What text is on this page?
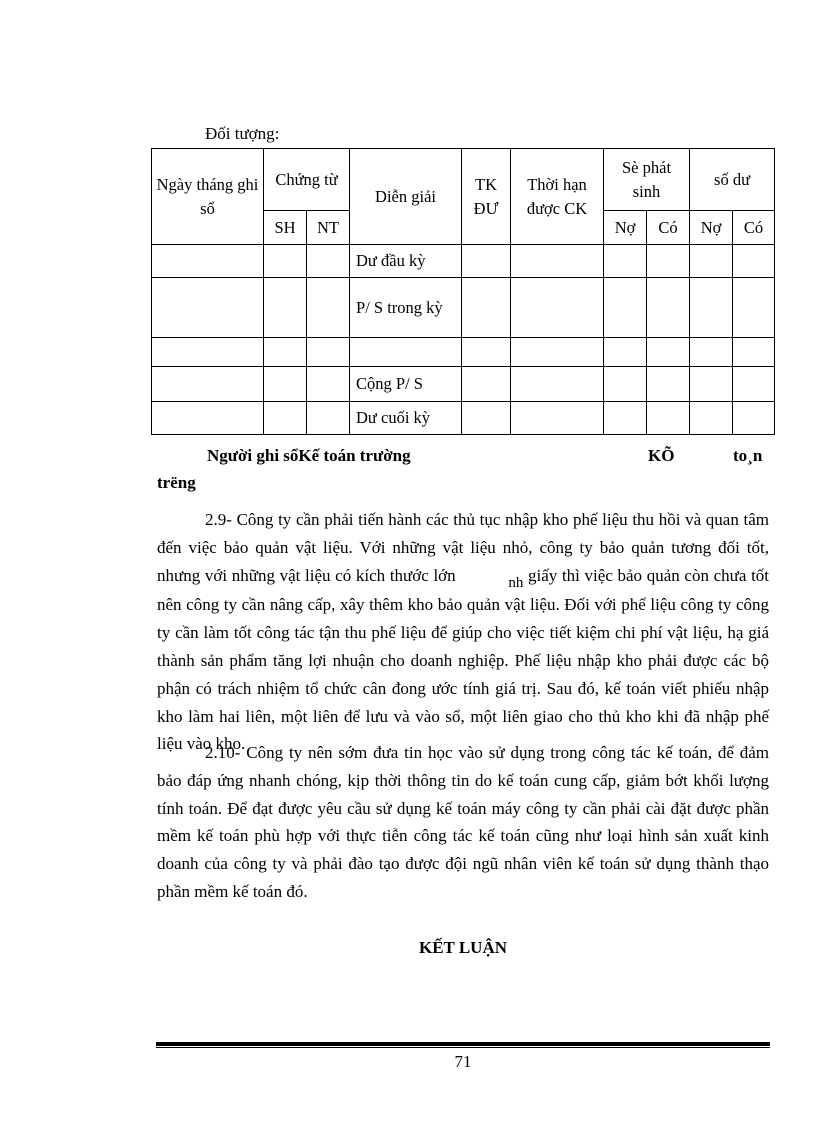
Đối tượng:
Ngày tháng ghi sổ	Chứng từ		Diễn giải	TK ĐƯ	Thời hạn được CK	Sè phát sinh		số dư	
	SH	NT				Nợ	Có	Nợ	Có
			Dư đầu kỳ						
			P/ S trong kỳ						

			Cộng P/ S						
			Dư cuối kỳ						
Người ghi sổKế toán trường	KÕ	to¸n
trëng

2.9- Công ty cần phải tiến hành các thủ tục nhập kho phế liệu thu hồi và quan tâm đến việc bảo quản vật liệu. Với những vật liệu nhỏ, công ty bảo quản tương đối tốt, nhưng với những vật liệu có kích thước lớn	nh giấy thì việc bảo quản còn chưa tốt nên công ty cần nâng cấp, xây thêm kho bảo quản vật liệu. Đối với phế liệu công ty công ty cần làm tốt công tác tận thu phế liệu để giúp cho việc tiết kiệm chi phí vật liệu, hạ giá thành sản phẩm tăng lợi nhuận cho doanh nghiệp. Phế liệu nhập kho phải được các bộ phận có trách nhiệm tổ chức cân đong ước tính giá trị. Sau đó, kế toán viết phiếu nhập kho làm hai liên, một liên để lưu và vào sổ, một liên giao cho thủ kho khi đã nhập phế liệu vào kho.

2.10- Công ty nên sớm đưa tin học vào sử dụng trong công tác kế toán, để đảm bảo đáp ứng nhanh chóng, kịp thời thông tin do kế toán cung cấp, giảm bớt khối lượng tính toán. Để đạt được yêu cầu sử dụng kế toán máy công ty cần phải cài đặt được phần mềm kế toán phù hợp với thực tiễn công tác kế toán cũng như loại hình sản xuất kinh doanh của công ty và phải đào tạo được đội ngũ nhân viên kế toán sử dụng thành thạo phần mềm kế toán đó.

KẾT LUẬN
71
